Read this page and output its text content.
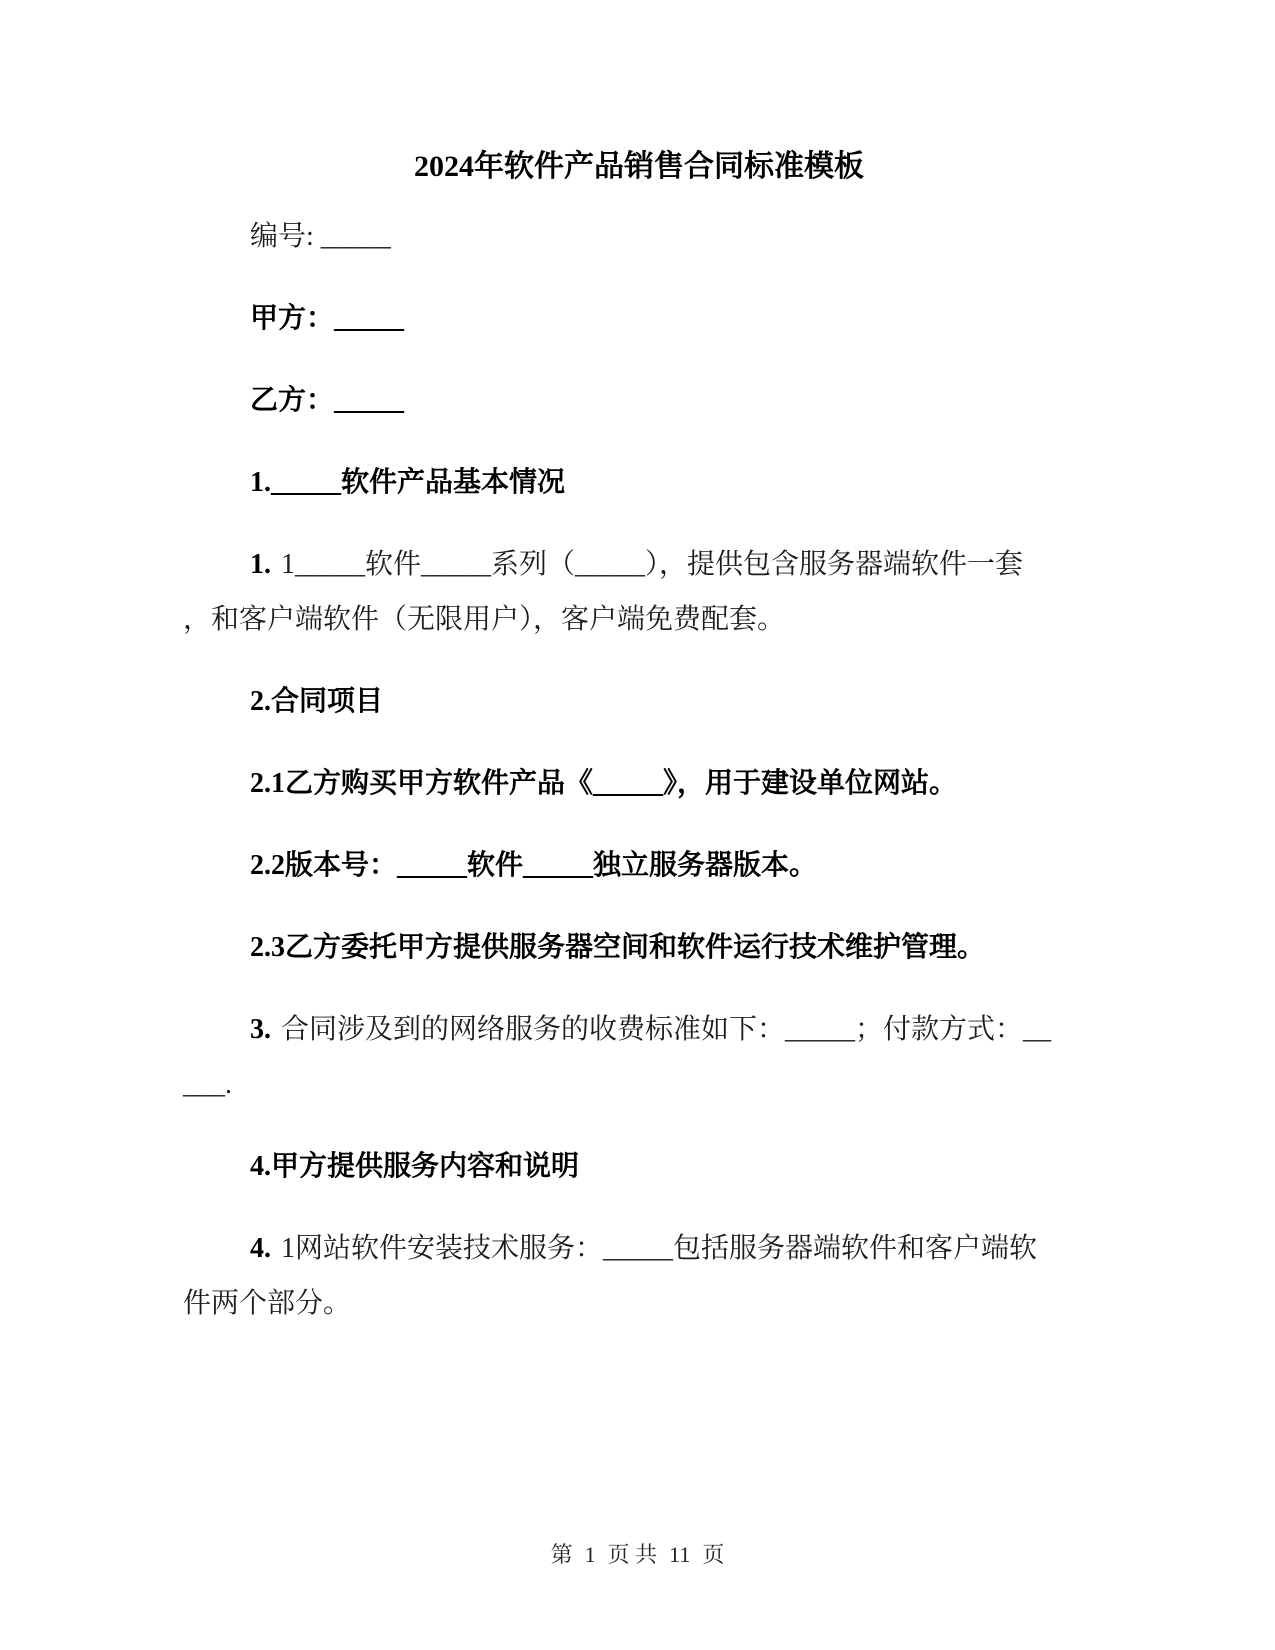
2024年软件产品销售合同标准模板

编号: _____

甲方：_____

乙方：_____

1._____软件产品基本情况

1. 1_____软件_____系列（_____），提供包含服务器端软件一套
，和客户端软件（无限用户），客户端免费配套。

2.合同项目

2.1乙方购买甲方软件产品《_____》，用于建设单位网站。

2.2版本号：_____软件_____独立服务器版本。

2.3乙方委托甲方提供服务器空间和软件运行技术维护管理。

3. 合同涉及到的网络服务的收费标准如下：_____；付款方式：__
___.

4.甲方提供服务内容和说明

4. 1网站软件安装技术服务：_____包括服务器端软件和客户端软
件两个部分。
第 1 页 共 11 页
